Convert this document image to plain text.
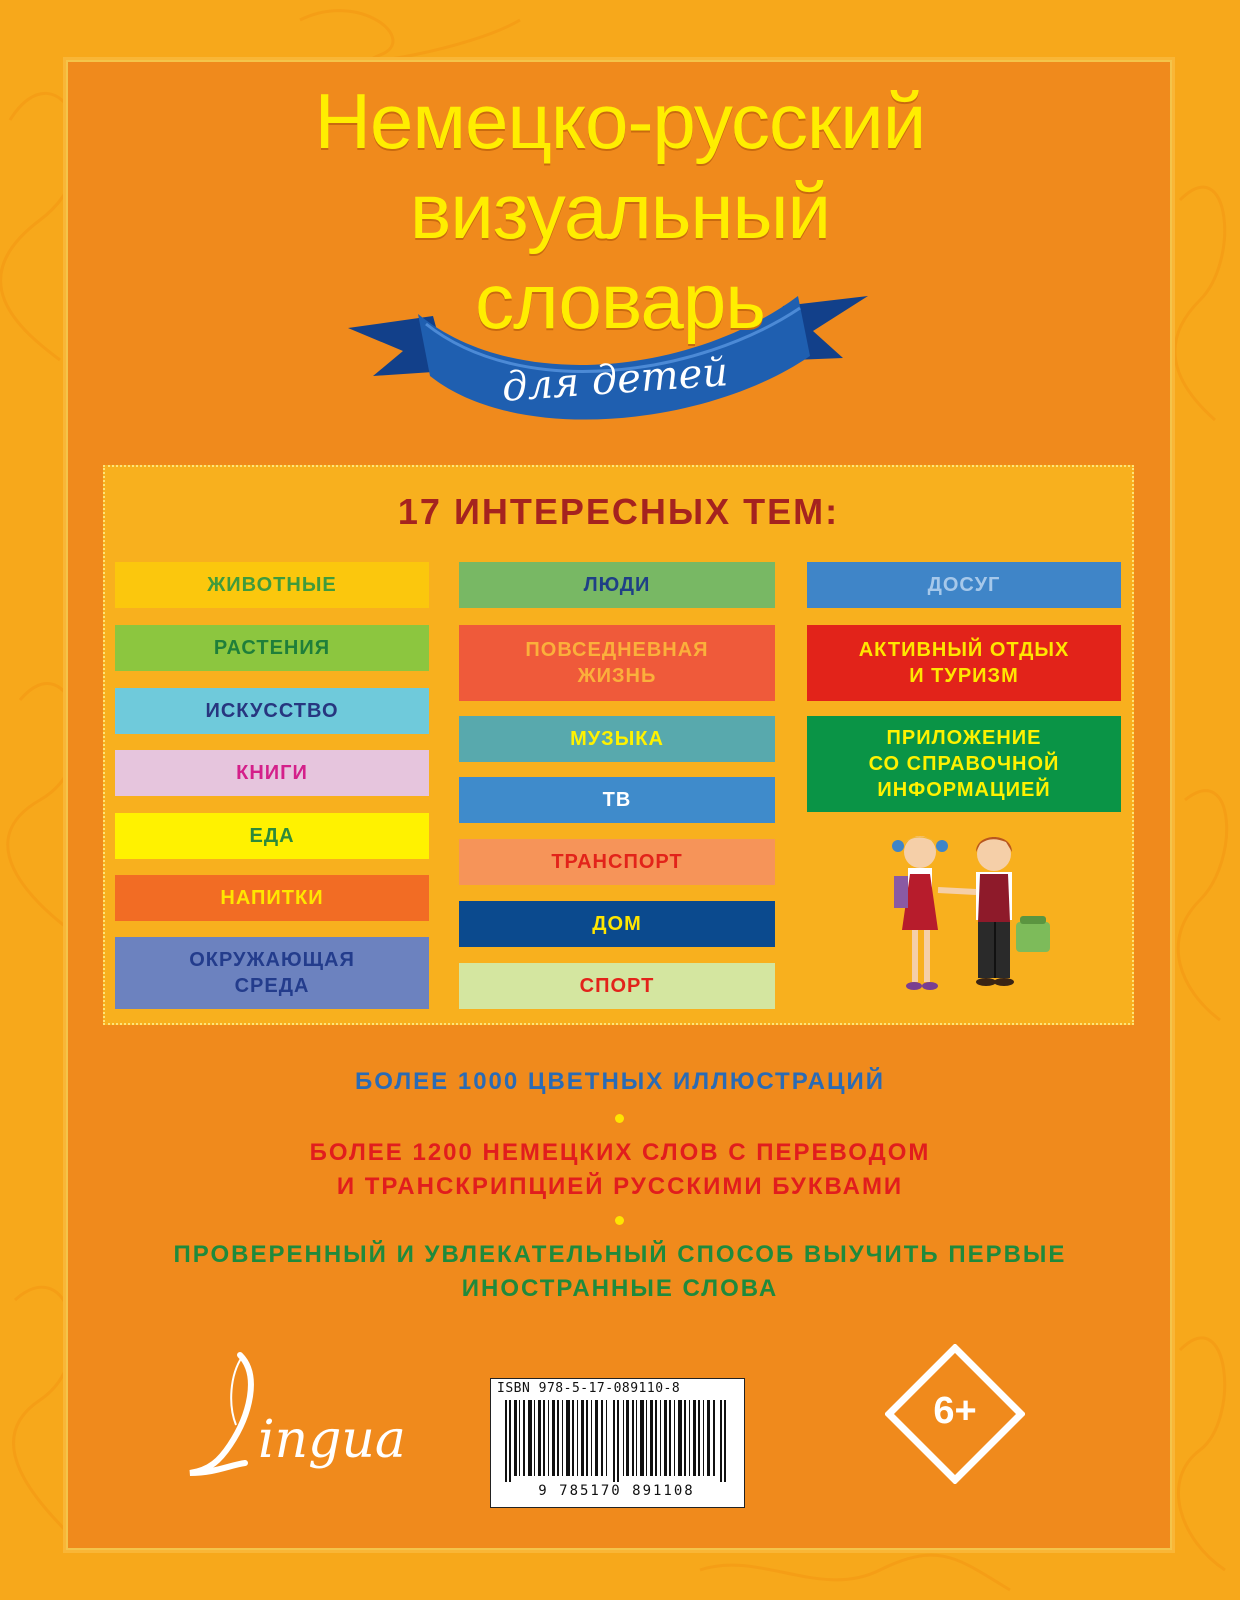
Немецко-русский
визуальный
словарь
для детей
17 ИНТЕРЕСНЫХ ТЕМ:
ЖИВОТНЫЕ
РАСТЕНИЯ
ИСКУССТВО
КНИГИ
ЕДА
НАПИТКИ
ОКРУЖАЮЩАЯ
СРЕДА
ЛЮДИ
ПОВСЕДНЕВНАЯ
ЖИЗНЬ
МУЗЫКА
ТВ
ТРАНСПОРТ
ДОМ
СПОРТ
ДОСУГ
АКТИВНЫЙ ОТДЫХ
И ТУРИЗМ
ПРИЛОЖЕНИЕ
СО СПРАВОЧНОЙ
ИНФОРМАЦИЕЙ
БОЛЕЕ 1000 ЦВЕТНЫХ ИЛЛЮСТРАЦИЙ
БОЛЕЕ 1200 НЕМЕЦКИХ СЛОВ С ПЕРЕВОДОМ
И ТРАНСКРИПЦИЕЙ РУССКИМИ БУКВАМИ
ПРОВЕРЕННЫЙ И УВЛЕКАТЕЛЬНЫЙ СПОСОБ ВЫУЧИТЬ ПЕРВЫЕ
ИНОСТРАННЫЕ СЛОВА
ingua
ISBN 978-5-17-089110-8
9 785170 891108
6+
